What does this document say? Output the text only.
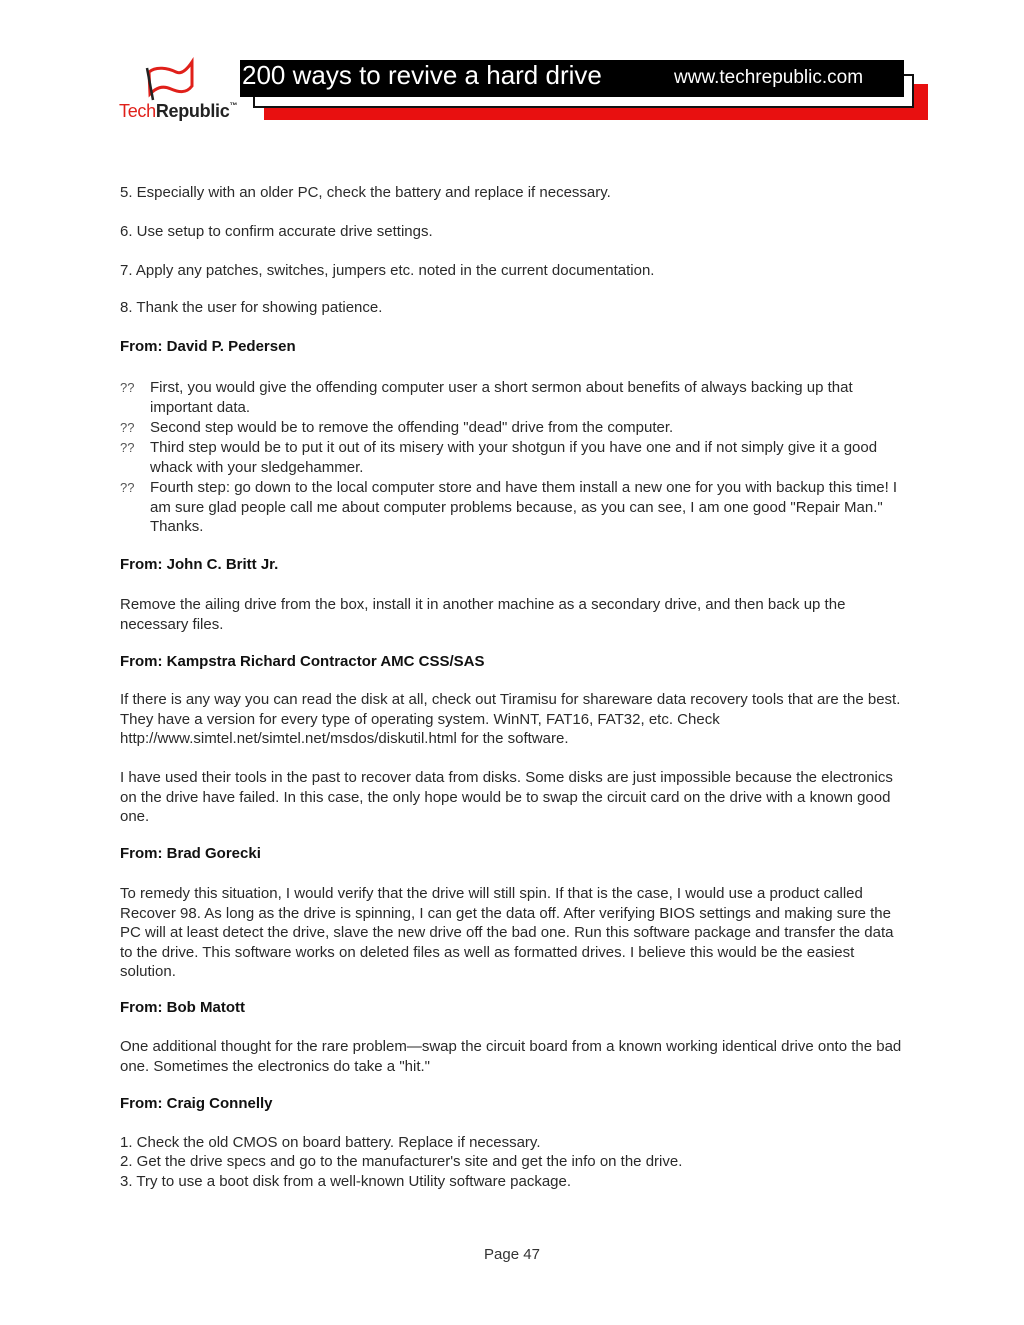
TechRepublic™
200 ways to revive a hard drive	www.techrepublic.com

5. Especially with an older PC, check the battery and replace if necessary.

6. Use setup to confirm accurate drive settings.

7. Apply any patches, switches, jumpers etc. noted in the current documentation.

8. Thank the user for showing patience.

From: David P. Pedersen
?? First, you would give the offending computer user a short sermon about benefits of always backing up that important data.
?? Second step would be to remove the offending "dead" drive from the computer.
?? Third step would be to put it out of its misery with your shotgun if you have one and if not simply give it a good whack with your sledgehammer.
?? Fourth step: go down to the local computer store and have them install a new one for you with backup this time! I am sure glad people call me about computer problems because, as you can see, I am one good "Repair Man." Thanks.
From: John C. Britt Jr.

Remove the ailing drive from the box, install it in another machine as a secondary drive, and then back up the necessary files.

From: Kampstra Richard Contractor AMC CSS/SAS

If there is any way you can read the disk at all, check out Tiramisu for shareware data recovery tools that are the best. They have a version for every type of operating system. WinNT, FAT16, FAT32, etc. Check http://www.simtel.net/simtel.net/msdos/diskutil.html for the software.

I have used their tools in the past to recover data from disks. Some disks are just impossible because the electronics on the drive have failed. In this case, the only hope would be to swap the circuit card on the drive with a known good one.

From: Brad Gorecki

To remedy this situation, I would verify that the drive will still spin. If that is the case, I would use a product called Recover 98. As long as the drive is spinning, I can get the data off. After verifying BIOS settings and making sure the PC will at least detect the drive, slave the new drive off the bad one. Run this software package and transfer the data to the drive. This software works on deleted files as well as formatted drives. I believe this would be the easiest solution.

From: Bob Matott

One additional thought for the rare problem—swap the circuit board from a known working identical drive onto the bad one. Sometimes the electronics do take a "hit."

From: Craig Connelly

1. Check the old CMOS on board battery. Replace if necessary.

2. Get the drive specs and go to the manufacturer's site and get the info on the drive.

3. Try to use a boot disk from a well-known Utility software package.

Page 47
